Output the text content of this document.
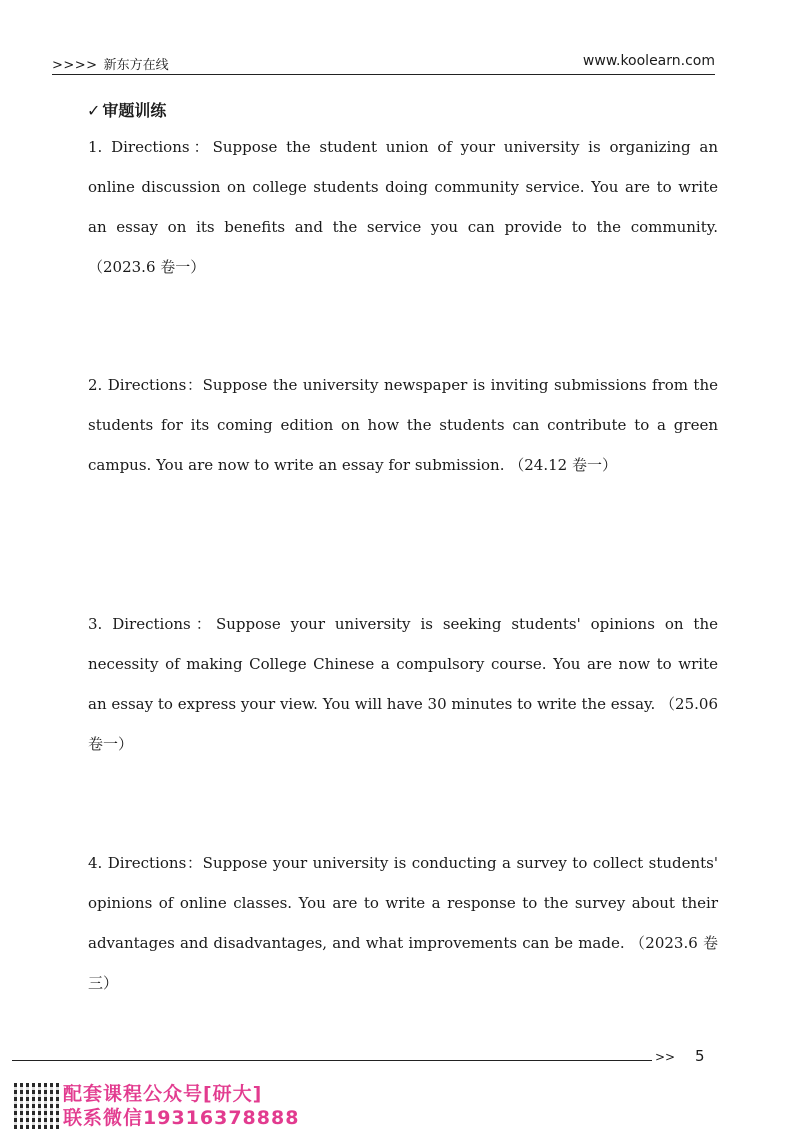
>>>> 新东方在线	www.koolearn.com
✓ 审题训练
1. Directions：Suppose the student union of your university is organizing an online discussion on college students doing community service. You are to write an essay on its benefits and the service you can provide to the community. （2023.6 卷一）
2. Directions：Suppose the university newspaper is inviting submissions from the students for its coming edition on how the students can contribute to a green campus. You are now to write an essay for submission. （24.12 卷一）
3. Directions：Suppose your university is seeking students' opinions on the necessity of making College Chinese a compulsory course. You are now to write an essay to express your view. You will have 30 minutes to write the essay. （25.06 卷一）
4. Directions：Suppose your university is conducting a survey to collect students' opinions of online classes. You are to write a response to the survey about their advantages and disadvantages, and what improvements can be made. （2023.6 卷三）
>> 5
配套课程公众号[研大]
联系微信19316378888
